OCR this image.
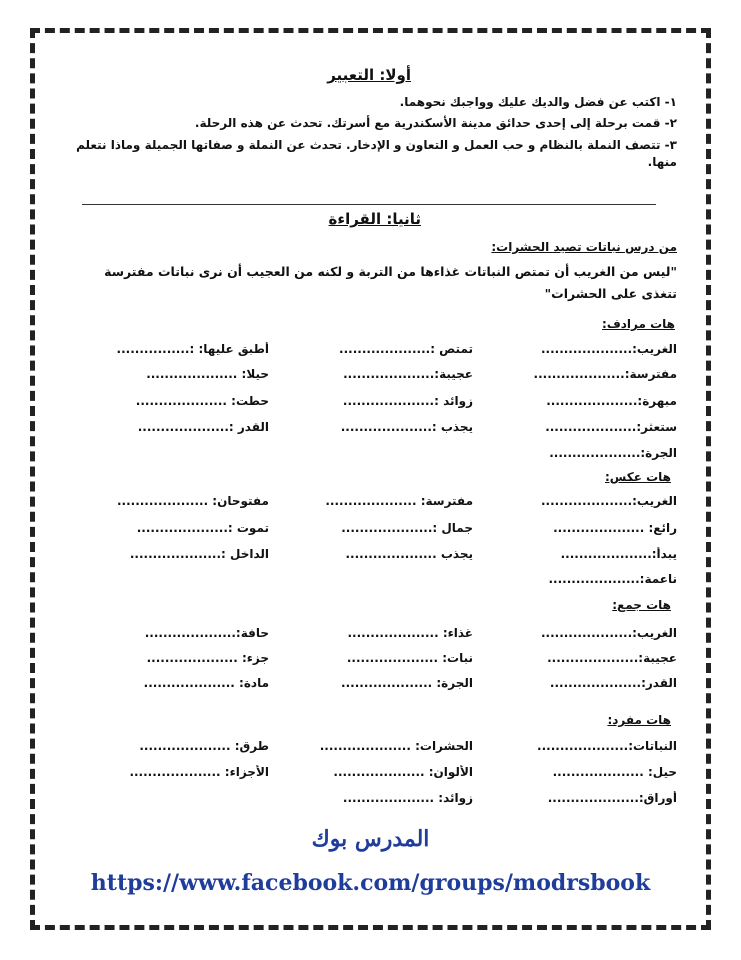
أولا: التعبير
١- اكتب عن فضل والديك عليك وواجبك نحوهما.
٢- قمت برحلة إلى إحدى حدائق مدينة الأسكندرية مع أسرتك. تحدث عن هذه الرحلة.
٣- تتصف النملة بالنظام و حب العمل و التعاون و الإدخار. تحدث عن النملة و صفاتها الجميلة وماذا نتعلم منها.
ثانيا: القراءة
من درس نباتات تصيد الحشرات:
"ليس من الغريب أن تمتص النباتات غذاءها من التربة و لكنه من العجيب أن نرى نباتات مفترسة تتغذى على الحشرات"
هات مرادف:
الغريب:....................
تمتص :....................
أطبق عليها: :................
مفترسة:....................
عجيبة:....................
حيلا: ....................
مبهرة:....................
زوائد :....................
حطت: ....................
ستعثر:....................
يجذب :....................
القدر :....................
الجرة:....................
هات عكس:
الغريب:....................
مفترسة: ....................
مفتوحان: ....................
رائع: ....................
جمال :....................
تموت :....................
يبدأ:....................
يجذب ....................
الداخل :....................
ناعمة:....................
هات جمع:
الغريب:....................
غذاء: ....................
حافة:....................
عجيبة:....................
نبات: ....................
جزء: ....................
القدر:....................
الجرة: ....................
مادة: ....................
هات مفرد:
النباتات:....................
الحشرات: ....................
طرق: ....................
حيل: ....................
الألوان: ....................
الأجزاء: ....................
أوراق:....................
زوائد: ....................
المدرس بوك
https://www.facebook.com/groups/modrsbook
